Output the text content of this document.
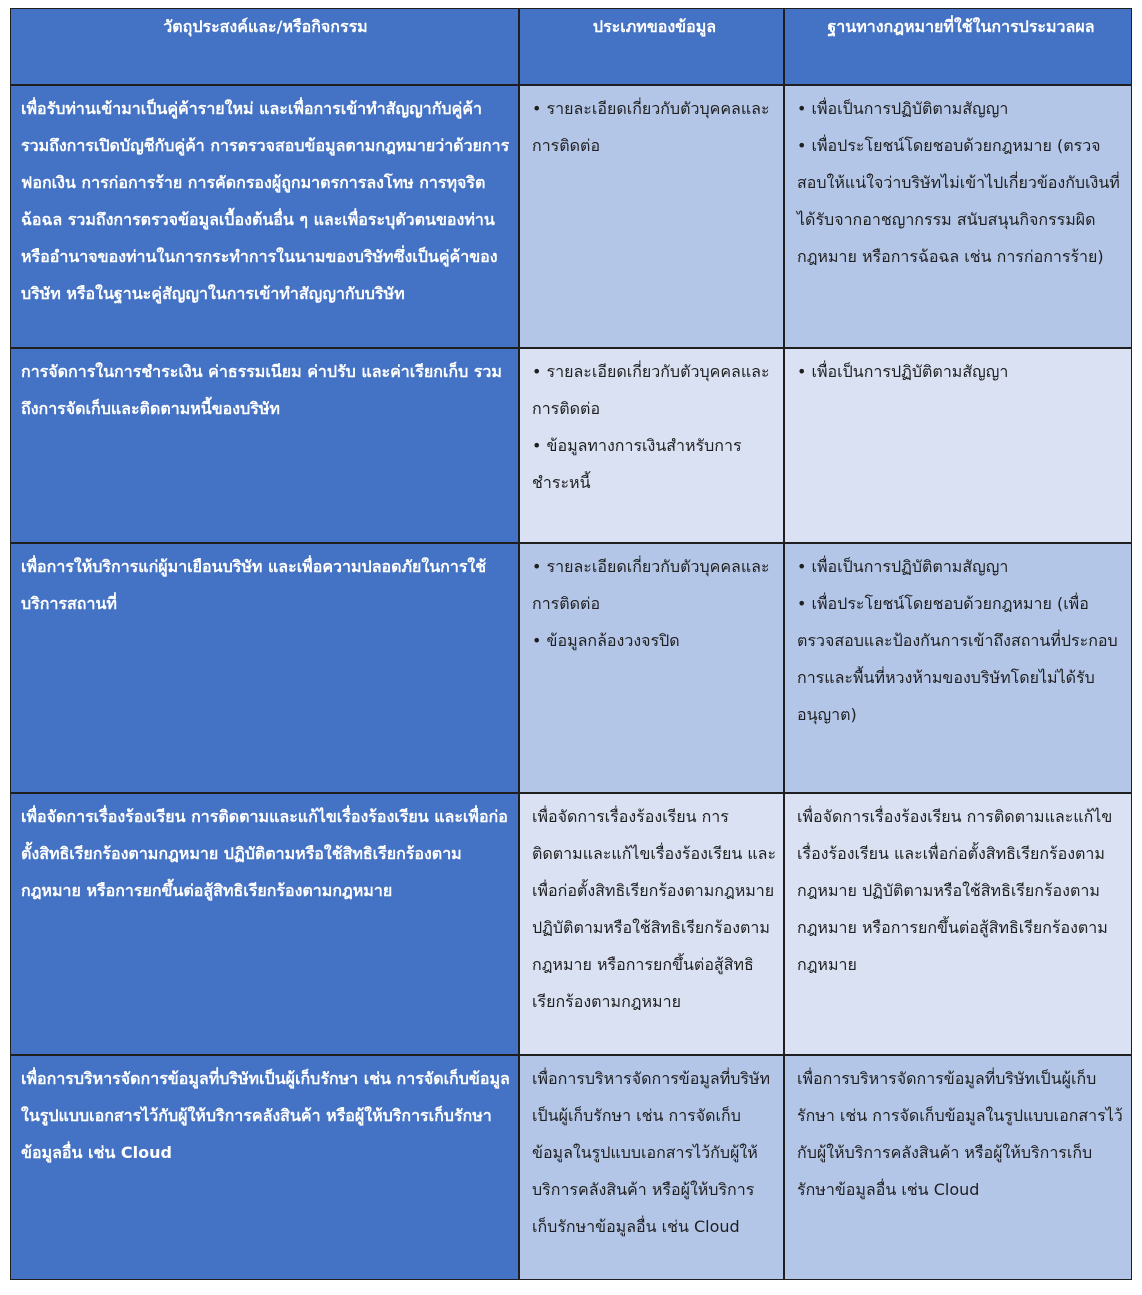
วัตถุประสงค์และ/หรือกิจกรรม	ประเภทของข้อมูล	ฐานทางกฎหมายที่ใช้ในการประมวลผล

เพื่อรับท่านเข้ามาเป็นคู่ค้ารายใหม่ และเพื่อการเข้าทำสัญญากับคู่ค้า รวมถึงการเปิดบัญชีกับคู่ค้า การตรวจสอบข้อมูลตามกฎหมายว่าด้วยการฟอกเงิน การก่อการร้าย การคัดกรองผู้ถูกมาตรการลงโทษ การทุจริตฉ้อฉล รวมถึงการตรวจข้อมูลเบื้องต้นอื่น ๆ และเพื่อระบุตัวตนของท่านหรืออำนาจของท่านในการกระทำการในนามของบริษัทซึ่งเป็นคู่ค้าของบริษัท หรือในฐานะคู่สัญญาในการเข้าทำสัญญากับบริษัท

• รายละเอียดเกี่ยวกับตัวบุคคลและการติดต่อ
• เพื่อเป็นการปฏิบัติตามสัญญา
• เพื่อประโยชน์โดยชอบด้วยกฎหมาย (ตรวจสอบให้แน่ใจว่าบริษัทไม่เข้าไปเกี่ยวข้องกับเงินที่ได้รับจากอาชญากรรม สนับสนุนกิจกรรมผิดกฎหมาย หรือการฉ้อฉล เช่น การก่อการร้าย)

การจัดการในการชำระเงิน ค่าธรรมเนียม ค่าปรับ และค่าเรียกเก็บ รวมถึงการจัดเก็บและติดตามหนี้ของบริษัท

• รายละเอียดเกี่ยวกับตัวบุคคลและการติดต่อ
• ข้อมูลทางการเงินสำหรับการชำระหนี้
• เพื่อเป็นการปฏิบัติตามสัญญา

เพื่อการให้บริการแก่ผู้มาเยือนบริษัท และเพื่อความปลอดภัยในการใช้บริการสถานที่

• รายละเอียดเกี่ยวกับตัวบุคคลและการติดต่อ
• ข้อมูลกล้องวงจรปิด
• เพื่อเป็นการปฏิบัติตามสัญญา
• เพื่อประโยชน์โดยชอบด้วยกฎหมาย (เพื่อตรวจสอบและป้องกันการเข้าถึงสถานที่ประกอบการและพื้นที่หวงห้ามของบริษัทโดยไม่ได้รับอนุญาต)

เพื่อจัดการเรื่องร้องเรียน การติดตามและแก้ไขเรื่องร้องเรียน และเพื่อก่อตั้งสิทธิเรียกร้องตามกฎหมาย ปฏิบัติตามหรือใช้สิทธิเรียกร้องตามกฎหมาย หรือการยกขึ้นต่อสู้สิทธิเรียกร้องตามกฎหมาย

เพื่อจัดการเรื่องร้องเรียน การติดตามและแก้ไขเรื่องร้องเรียน และเพื่อก่อตั้งสิทธิเรียกร้องตามกฎหมาย ปฏิบัติตามหรือใช้สิทธิเรียกร้องตามกฎหมาย หรือการยกขึ้นต่อสู้สิทธิเรียกร้องตามกฎหมาย

เพื่อจัดการเรื่องร้องเรียน การติดตามและแก้ไขเรื่องร้องเรียน และเพื่อก่อตั้งสิทธิเรียกร้องตามกฎหมาย ปฏิบัติตามหรือใช้สิทธิเรียกร้องตามกฎหมาย หรือการยกขึ้นต่อสู้สิทธิเรียกร้องตามกฎหมาย

เพื่อการบริหารจัดการข้อมูลที่บริษัทเป็นผู้เก็บรักษา เช่น การจัดเก็บข้อมูลในรูปแบบเอกสารไว้กับผู้ให้บริการคลังสินค้า หรือผู้ให้บริการเก็บรักษาข้อมูลอื่น เช่น Cloud

เพื่อการบริหารจัดการข้อมูลที่บริษัทเป็นผู้เก็บรักษา เช่น การจัดเก็บข้อมูลในรูปแบบเอกสารไว้กับผู้ให้บริการคลังสินค้า หรือผู้ให้บริการเก็บรักษาข้อมูลอื่น เช่น Cloud

เพื่อการบริหารจัดการข้อมูลที่บริษัทเป็นผู้เก็บรักษา เช่น การจัดเก็บข้อมูลในรูปแบบเอกสารไว้กับผู้ให้บริการคลังสินค้า หรือผู้ให้บริการเก็บรักษาข้อมูลอื่น เช่น Cloud
